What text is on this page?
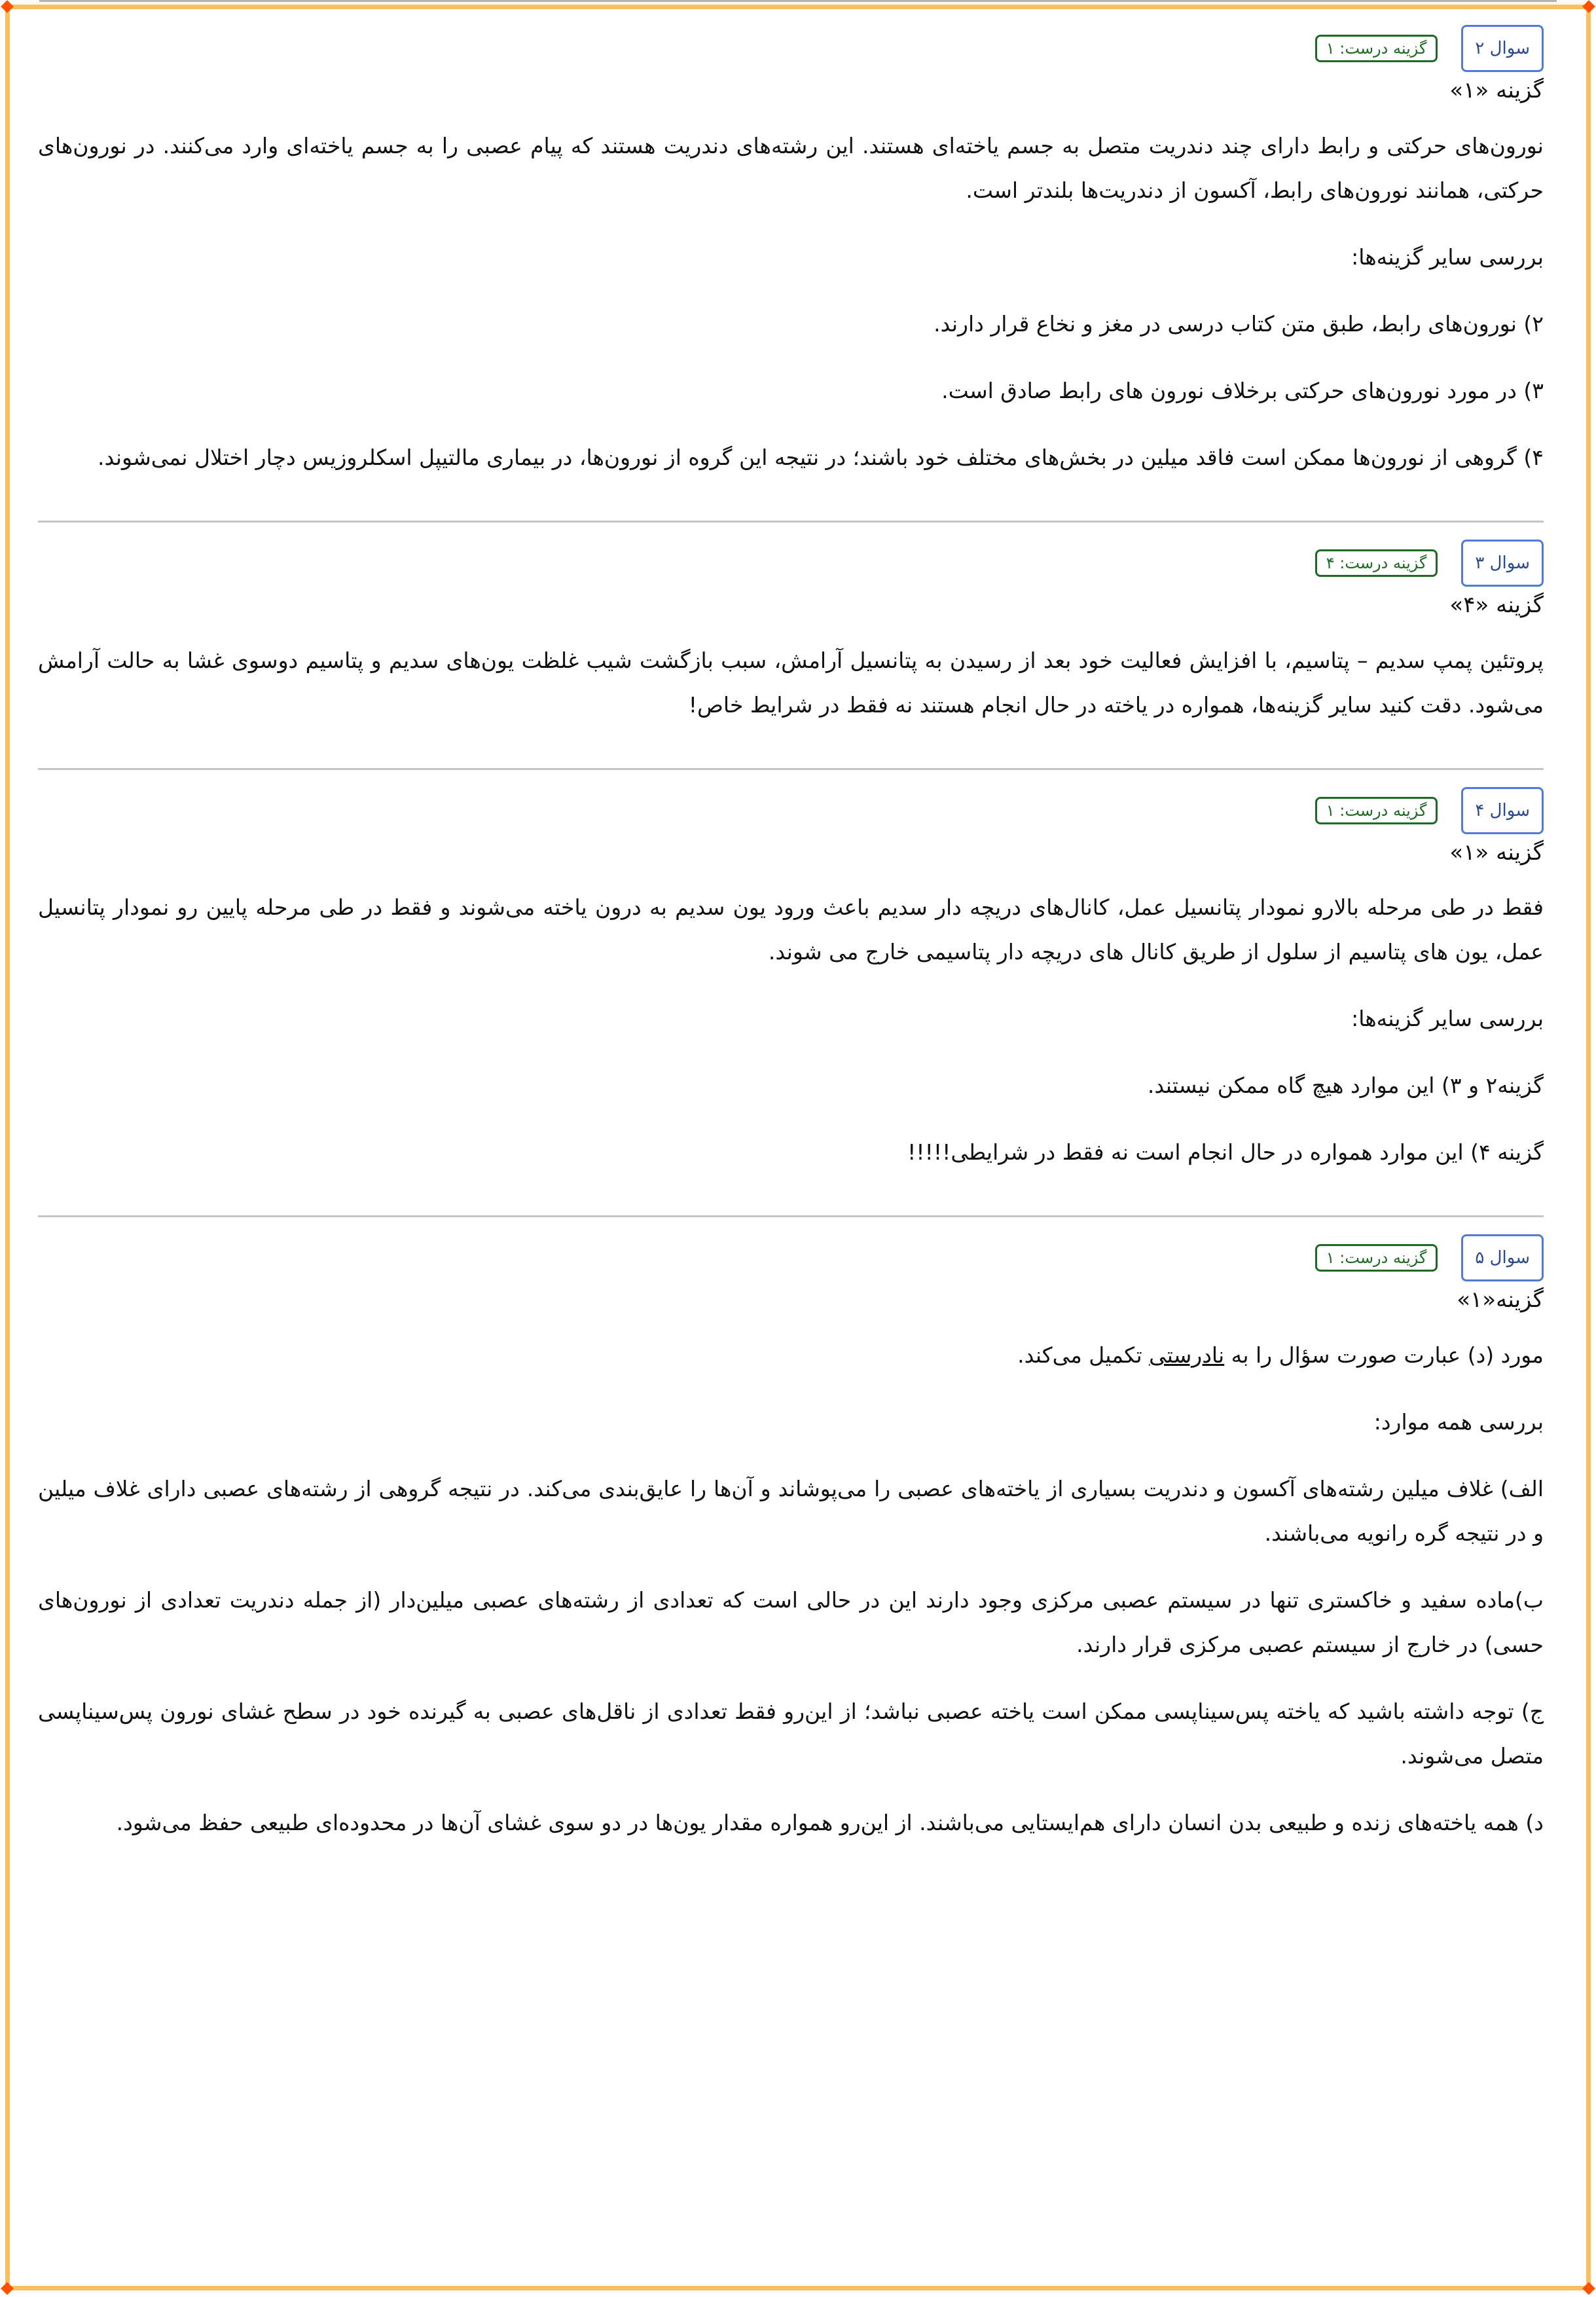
سوال ۲
گزینه درست: ۱
گزینه «۱»

نورون‌های حرکتی و رابط دارای چند دندریت متصل به جسم یاخته‌ای هستند. این رشته‌های دندریت هستند که پیام عصبی را به جسم یاخته‌ای وارد می‌کنند. در نورون‌های حرکتی، همانند نورون‌های رابط، آکسون از دندریت‌ها بلندتر است.

بررسی سایر گزینه‌ها:

۲) نورون‌های رابط، طبق متن کتاب درسی در مغز و نخاع قرار دارند.

۳) در مورد نورون‌های حرکتی برخلاف نورون های رابط صادق است.

۴) گروهی از نورون‌ها ممکن است فاقد میلین در بخش‌های مختلف خود باشند؛ در نتیجه این گروه از نورون‌ها، در بیماری مالتیپل اسکلروزیس دچار اختلال نمی‌شوند.

سوال ۳
گزینه درست: ۴
گزینه «۴»

پروتئین پمپ سدیم – پتاسیم، با افزایش فعالیت خود بعد از رسیدن به پتانسیل آرامش، سبب بازگشت شیب غلظت یون‌های سدیم و پتاسیم دوسوی غشا به حالت آرامش می‌شود. دقت کنید سایر گزینه‌ها، همواره در یاخته در حال انجام هستند نه فقط در شرایط خاص!

سوال ۴
گزینه درست: ۱
گزینه «۱»

فقط در طی مرحله بالارو نمودار پتانسیل عمل، کانال‌های دریچه دار سدیم باعث ورود یون سدیم به درون یاخته می‌شوند و فقط در طی مرحله پایین رو نمودار پتانسیل عمل، یون های پتاسیم از سلول از طریق کانال های دریچه دار پتاسیمی خارج می شوند.

بررسی سایر گزینه‌ها:

گزینه۲ و ۳) این موارد هیچ گاه ممکن نیستند.

گزینه ۴) این موارد همواره در حال انجام است نه فقط در شرایطی!!!!!

سوال ۵
گزینه درست: ۱
گزینه«۱»

مورد (د) عبارت صورت سؤال را به نادرستی تکمیل می‌کند.

بررسی همه موارد:

الف) غلاف میلین رشته‌های آکسون و دندریت بسیاری از یاخته‌های عصبی را می‌پوشاند و آن‌ها را عایق‌بندی می‌کند. در نتیجه گروهی از رشته‌های عصبی دارای غلاف میلین و در نتیجه گره رانویه می‌باشند.

ب)ماده سفید و خاکستری تنها در سیستم عصبی مرکزی وجود دارند این در حالی است که تعدادی از رشته‌های عصبی میلین‌دار (از جمله دندریت تعدادی از نورون‌های حسی) در خارج از سیستم عصبی مرکزی قرار دارند.

ج) توجه داشته باشید که یاخته پس‌سیناپسی ممکن است یاخته عصبی نباشد؛ از این‌رو فقط تعدادی از ناقل‌های عصبی به گیرنده خود در سطح غشای نورون پس‌سیناپسی متصل می‌شوند.

د) همه یاخته‌های زنده و طبیعی بدن انسان دارای هم‌ایستایی می‌باشند. از این‌رو همواره مقدار یون‌ها در دو سوی غشای آن‌ها در محدوده‌ای طبیعی حفظ می‌شود.
